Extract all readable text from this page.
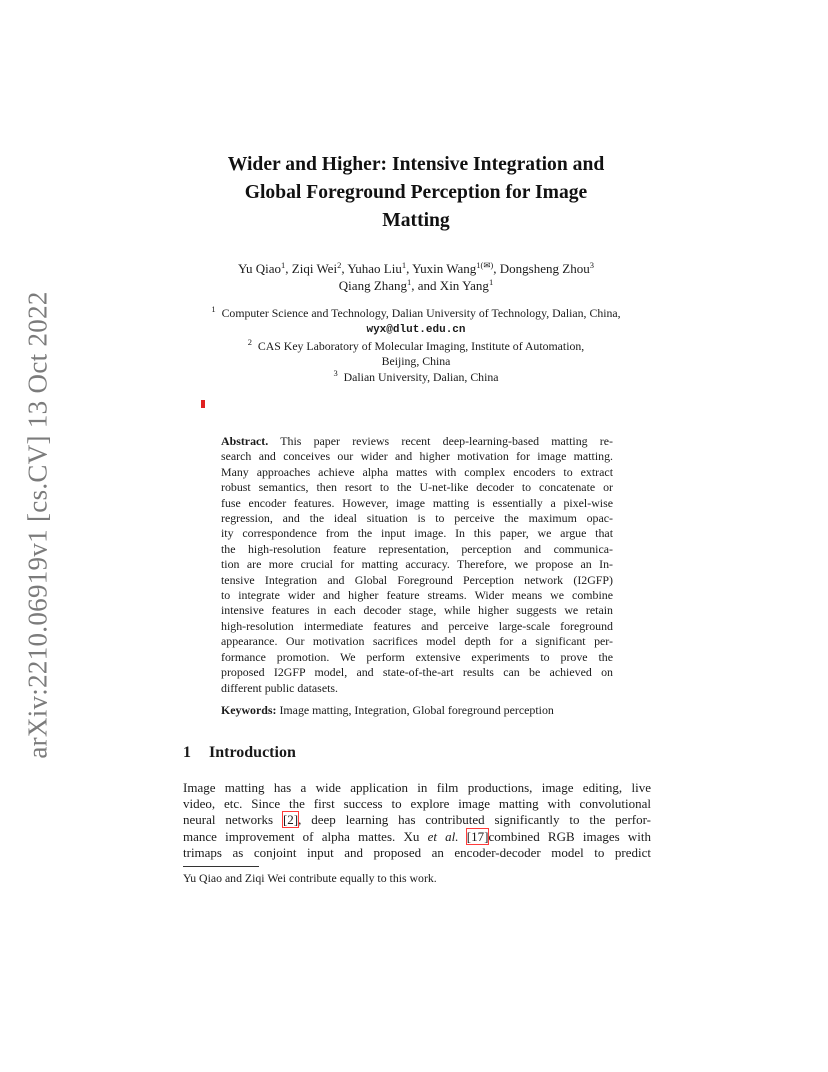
arXiv:2210.06919v1 [cs.CV] 13 Oct 2022
Wider and Higher: Intensive Integration and
Global Foreground Perception for Image
Matting
Yu Qiao$^1$, Ziqi Wei$^2$, Yuhao Liu$^1$, Yuxin Wang$^{1(✉)}$, Dongsheng Zhou$^3$
Qiang Zhang$^1$, and Xin Yang$^1$
$^1$ Computer Science and Technology, Dalian University of Technology, Dalian, China,
wyx@dlut.edu.cn
$^2$ CAS Key Laboratory of Molecular Imaging, Institute of Automation,
Beijing, China
$^3$ Dalian University, Dalian, China
Abstract. This paper reviews recent deep-learning-based matting re-
search and conceives our wider and higher motivation for image matting.
Many approaches achieve alpha mattes with complex encoders to extract
robust semantics, then resort to the U-net-like decoder to concatenate or
fuse encoder features. However, image matting is essentially a pixel-wise
regression, and the ideal situation is to perceive the maximum opac-
ity correspondence from the input image. In this paper, we argue that
the high-resolution feature representation, perception and communica-
tion are more crucial for matting accuracy. Therefore, we propose an In-
tensive Integration and Global Foreground Perception network (I2GFP)
to integrate wider and higher feature streams. Wider means we combine
intensive features in each decoder stage, while higher suggests we retain
high-resolution intermediate features and perceive large-scale foreground
appearance. Our motivation sacrifices model depth for a significant per-
formance promotion. We perform extensive experiments to prove the
proposed I2GFP model, and state-of-the-art results can be achieved on
different public datasets.
Keywords: Image matting, Integration, Global foreground perception
1 Introduction
Image matting has a wide application in film productions, image editing, live
video, etc. Since the first success to explore image matting with convolutional
neural networks [2], deep learning has contributed significantly to the perfor-
mance improvement of alpha mattes. Xu et al. [17]combined RGB images with
trimaps as conjoint input and proposed an encoder-decoder model to predict
Yu Qiao and Ziqi Wei contribute equally to this work.
